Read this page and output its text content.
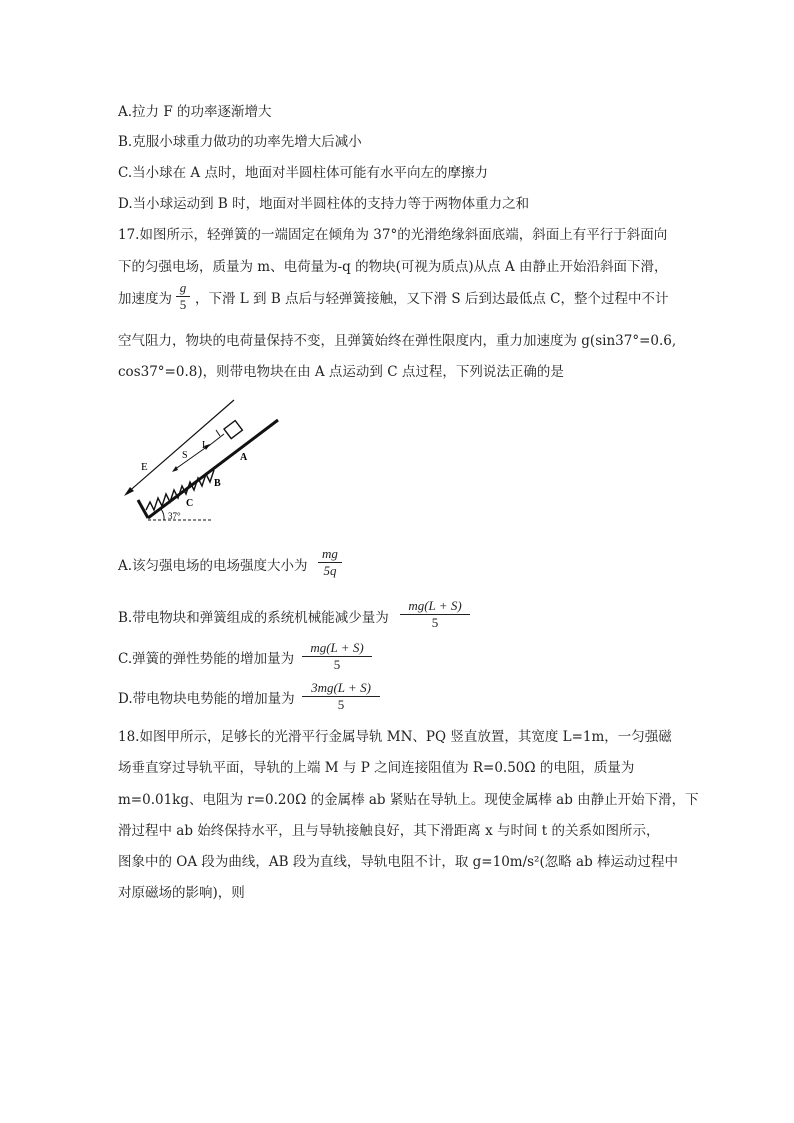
A.拉力 F 的功率逐渐增大
B.克服小球重力做功的功率先增大后减小
C.当小球在 A 点时，地面对半圆柱体可能有水平向左的摩擦力
D.当小球运动到 B 时，地面对半圆柱体的支持力等于两物体重力之和
17.如图所示，轻弹簧的一端固定在倾角为 37°的光滑绝缘斜面底端，斜面上有平行于斜面向
下的匀强电场，质量为 m、电荷量为-q 的物块(可视为质点)从点 A 由静止开始沿斜面下滑，
加速度为 $\frac{g}{5}$ ，下滑 L 到 B 点后与轻弹簧接触，又下滑 S 后到达最低点 C，整个过程中不计
空气阻力，物块的电荷量保持不变，且弹簧始终在弹性限度内，重力加速度为 g(sin37°=0.6,
cos37°=0.8)，则带电物块在由 A 点运动到 C 点过程，下列说法正确的是
37°
E
S
L
A
B
C
A.该匀强电场的电场强度大小为 $\frac{mg}{5q}$
B.带电物块和弹簧组成的系统机械能减少量为 $\frac{mg(L + S)}{5}$
C.弹簧的弹性势能的增加量为 $\frac{mg(L + S)}{5}$
D.带电物块电势能的增加量为 $\frac{3mg(L + S)}{5}$
18.如图甲所示，足够长的光滑平行金属导轨 MN、PQ 竖直放置，其宽度 L=1m，一匀强磁
场垂直穿过导轨平面，导轨的上端 M 与 P 之间连接阻值为 R=0.50Ω 的电阻，质量为
m=0.01kg、电阻为 r=0.20Ω 的金属棒 ab 紧贴在导轨上。现使金属棒 ab 由静止开始下滑，下
滑过程中 ab 始终保持水平，且与导轨接触良好，其下滑距离 x 与时间 t 的关系如图所示，
图象中的 OA 段为曲线，AB 段为直线，导轨电阻不计，取 g=10m/s²(忽略 ab 棒运动过程中
对原磁场的影响)，则
